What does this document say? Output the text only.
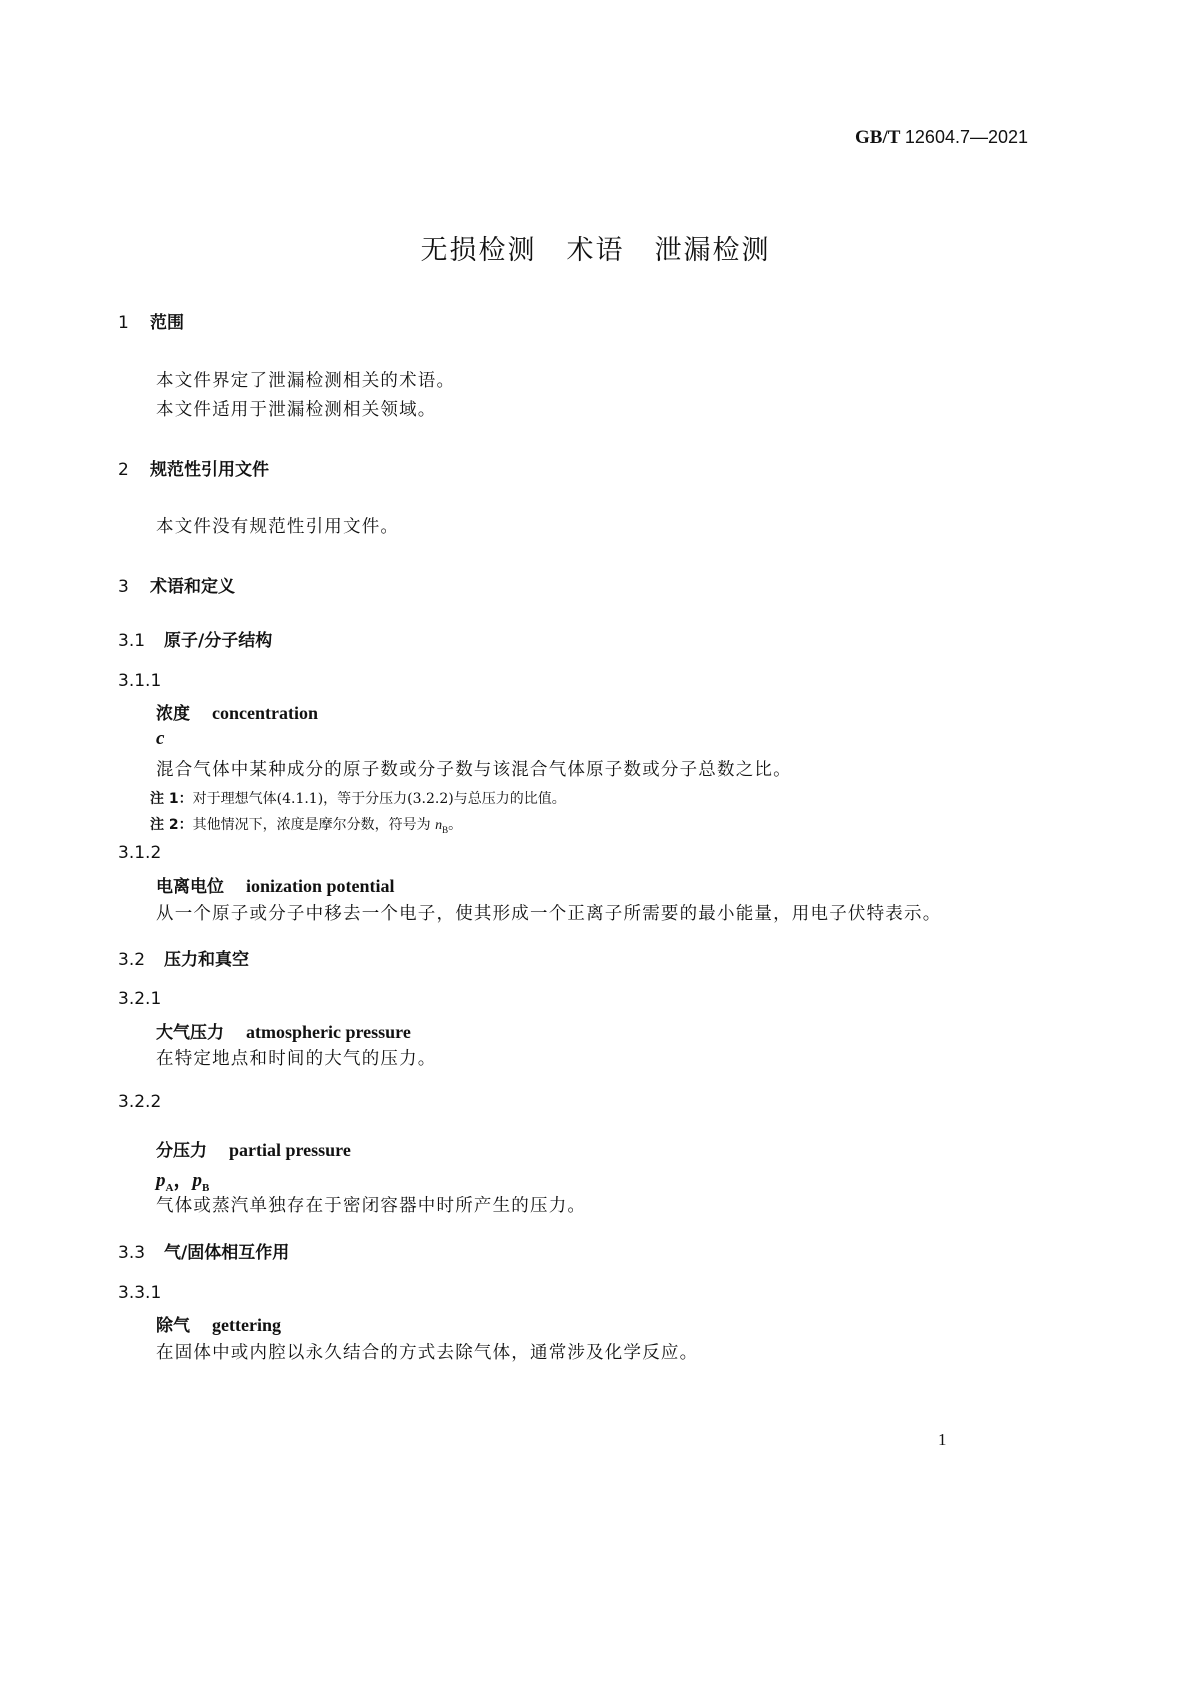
GB/T 12604.7—2021
无损检测 术语 泄漏检测
1 范围
本文件界定了泄漏检测相关的术语。
本文件适用于泄漏检测相关领域。
2 规范性引用文件
本文件没有规范性引用文件。
3 术语和定义
3.1 原子/分子结构
3.1.1
浓度 concentration
c
混合气体中某种成分的原子数或分子数与该混合气体原子数或分子总数之比。
注 1：对于理想气体(4.1.1)，等于分压力(3.2.2)与总压力的比值。
注 2：其他情况下，浓度是摩尔分数，符号为 $n_B$。
3.1.2
电离电位 ionization potential
从一个原子或分子中移去一个电子，使其形成一个正离子所需要的最小能量，用电子伏特表示。
3.2 压力和真空
3.2.1
大气压力 atmospheric pressure
在特定地点和时间的大气的压力。
3.2.2
分压力 partial pressure
$p_A$，$p_B$
气体或蒸汽单独存在于密闭容器中时所产生的压力。
3.3 气/固体相互作用
3.3.1
除气 gettering
在固体中或内腔以永久结合的方式去除气体，通常涉及化学反应。
1
